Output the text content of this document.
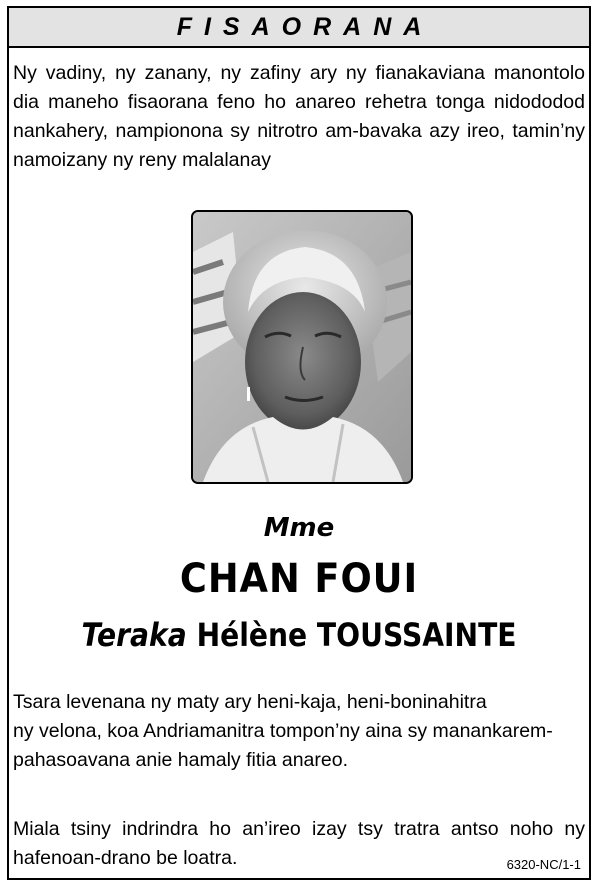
FISAORANA
Ny vadiny, ny zanany, ny zafiny ary ny fianakaviana manontolo
dia maneho fisaorana feno ho anareo rehetra tonga nidododod
nankahery, nampionona sy nitrotro am-bavaka azy ireo, tamin’ny
namoizany ny reny malalanay
Mme
CHAN FOUI
Teraka Hélène TOUSSAINTE
Tsara levenana ny maty ary heni-kaja, heni-boninahitra
ny velona, koa Andriamanitra tompon’ny aina sy manankarem-
pahasoavana anie hamaly fitia anareo.
Miala tsiny indrindra ho an’ireo izay tsy tratra antso noho ny
hafenoan-drano be loatra.	6320-NC/1-1
